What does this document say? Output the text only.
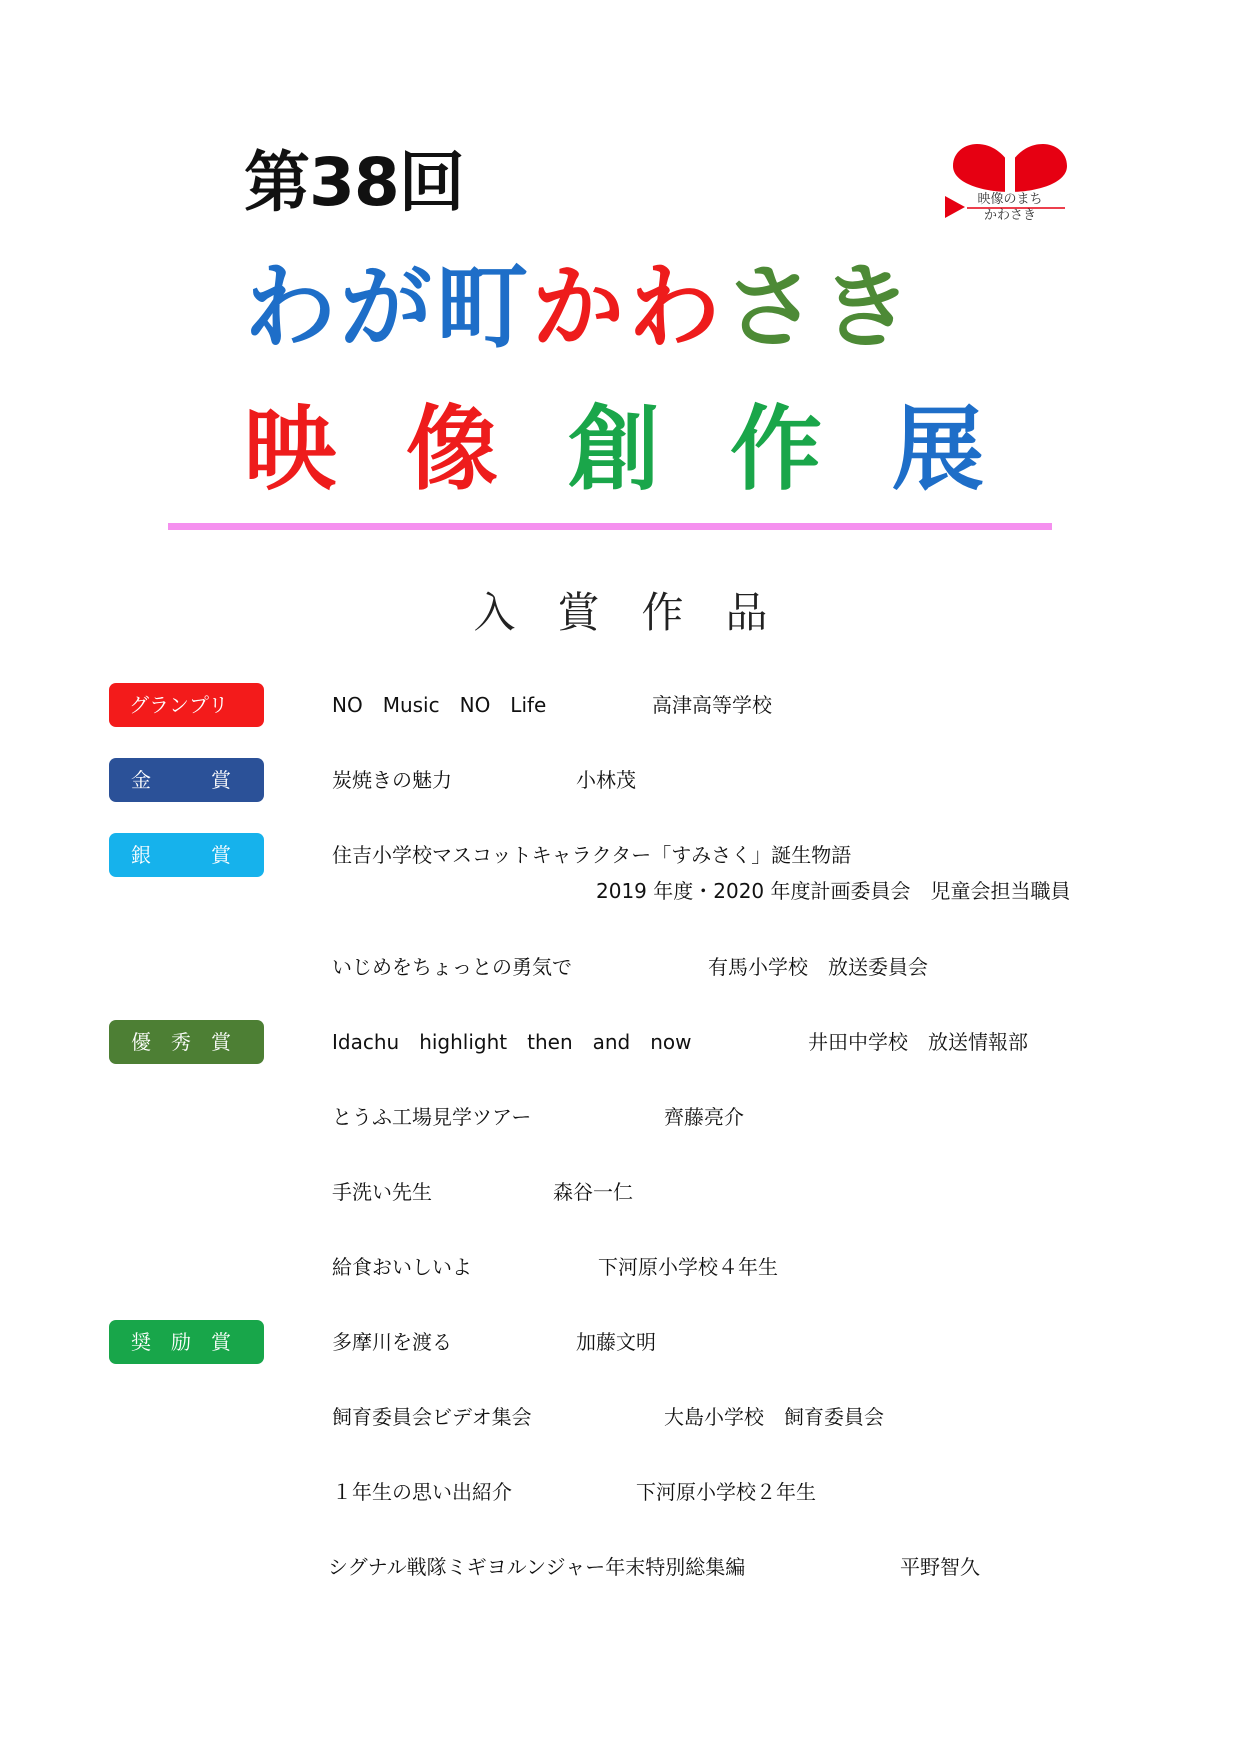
第38回	映像のまち
かわさき
わが町かわさき
映 像 創 作 展
入賞作品
グランプリ	NO　Music　NO　Life	高津高等学校
金　　　賞	炭焼きの魅力	小林茂
銀　　　賞	住吉小学校マスコットキャラクター「すみさく」誕生物語
2019 年度・2020 年度計画委員会　児童会担当職員
いじめをちょっとの勇気で	有馬小学校　放送委員会
優　秀　賞	Idachu　highlight　then　and　now	井田中学校　放送情報部
とうふ工場見学ツアー	齊藤亮介
手洗い先生	森谷一仁
給食おいしいよ	下河原小学校４年生
奨　励　賞	多摩川を渡る	加藤文明
飼育委員会ビデオ集会	大島小学校　飼育委員会
１年生の思い出紹介	下河原小学校２年生
シグナル戦隊ミギヨルンジャー年末特別総集編	平野智久
